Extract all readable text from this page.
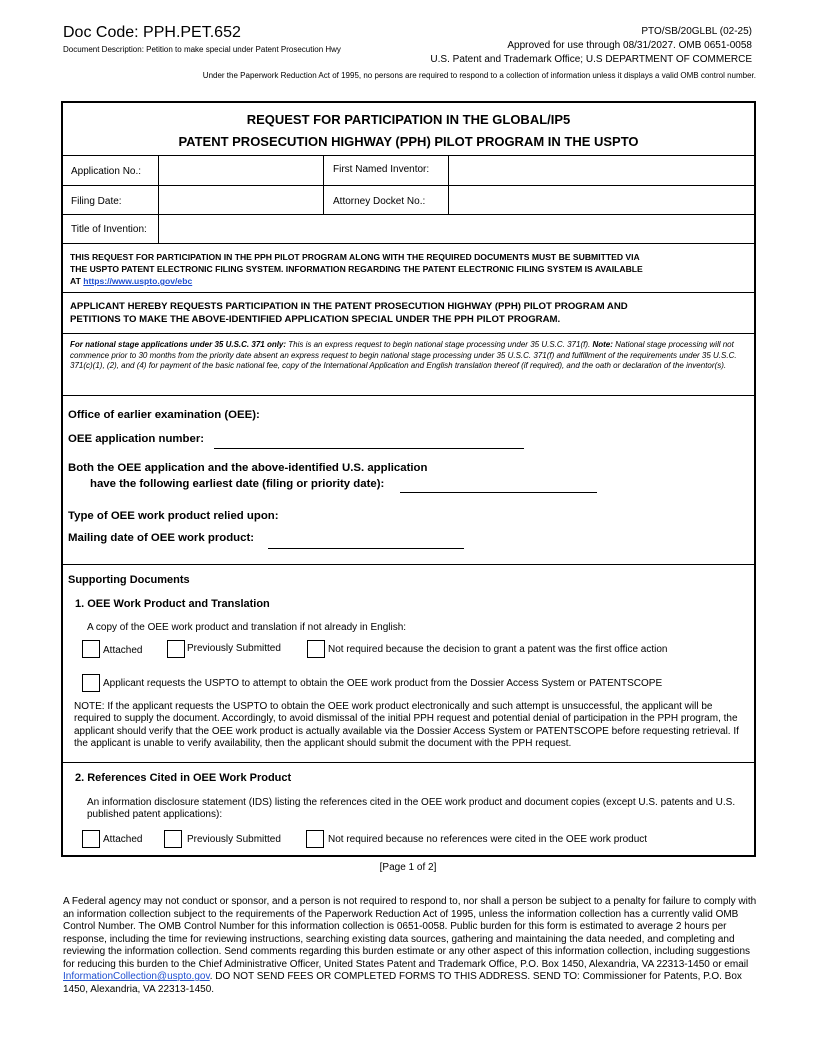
Doc Code: PPH.PET.652
Document Description: Petition to make special under Patent Prosecution Hwy
PTO/SB/20GLBL (02-25)
Approved for use through 08/31/2027. OMB 0651-0058
U.S. Patent and Trademark Office; U.S DEPARTMENT OF COMMERCE
Under the Paperwork Reduction Act of 1995, no persons are required to respond to a collection of information unless it displays a valid OMB control number.
REQUEST FOR PARTICIPATION IN THE GLOBAL/IP5
PATENT PROSECUTION HIGHWAY (PPH) PILOT PROGRAM IN THE USPTO
Application No.:	First Named Inventor:
Filing Date:	Attorney Docket No.:
Title of Invention:
THIS REQUEST FOR PARTICIPATION IN THE PPH PILOT PROGRAM ALONG WITH THE REQUIRED DOCUMENTS MUST BE SUBMITTED VIA
THE USPTO PATENT ELECTRONIC FILING SYSTEM. INFORMATION REGARDING THE PATENT ELECTRONIC FILING SYSTEM IS AVAILABLE
AT https://www.uspto.gov/ebc
APPLICANT HEREBY REQUESTS PARTICIPATION IN THE PATENT PROSECUTION HIGHWAY (PPH) PILOT PROGRAM AND
PETITIONS TO MAKE THE ABOVE-IDENTIFIED APPLICATION SPECIAL UNDER THE PPH PILOT PROGRAM.
For national stage applications under 35 U.S.C. 371 only: This is an express request to begin national stage processing under 35 U.S.C. 371(f). Note: National stage processing will not commence prior to 30 months from the priority date absent an express request to begin national stage processing under 35 U.S.C. 371(f) and fulfillment of the requirements under 35 U.S.C. 371(c)(1), (2), and (4) for payment of the basic national fee, copy of the International Application and English translation thereof (if required), and the oath or declaration of the inventor(s).
Office of earlier examination (OEE):
OEE application number:
Both the OEE application and the above-identified U.S. application
have the following earliest date (filing or priority date):
Type of OEE work product relied upon:
Mailing date of OEE work product:
Supporting Documents
1. OEE Work Product and Translation
A copy of the OEE work product and translation if not already in English:
Attached	Previously Submitted	Not required because the decision to grant a patent was the first office action
Applicant requests the USPTO to attempt to obtain the OEE work product from the Dossier Access System or PATENTSCOPE
NOTE: If the applicant requests the USPTO to obtain the OEE work product electronically and such attempt is unsuccessful, the applicant will be required to supply the document. Accordingly, to avoid dismissal of the initial PPH request and potential denial of participation in the PPH program, the applicant should verify that the OEE work product is actually available via the Dossier Access System or PATENTSCOPE before requesting retrieval. If the applicant is unable to verify availability, then the applicant should submit the document with the PPH request.
2. References Cited in OEE Work Product
An information disclosure statement (IDS) listing the references cited in the OEE work product and document copies (except U.S. patents and U.S. published patent applications):
Attached	Previously Submitted	Not required because no references were cited in the OEE work product
[Page 1 of 2]
A Federal agency may not conduct or sponsor, and a person is not required to respond to, nor shall a person be subject to a penalty for failure to comply with an information collection subject to the requirements of the Paperwork Reduction Act of 1995, unless the information collection has a currently valid OMB Control Number. The OMB Control Number for this information collection is 0651-0058. Public burden for this form is estimated to average 2 hours per response, including the time for reviewing instructions, searching existing data sources, gathering and maintaining the data needed, and completing and reviewing the information collection. Send comments regarding this burden estimate or any other aspect of this information collection, including suggestions for reducing this burden to the Chief Administrative Officer, United States Patent and Trademark Office, P.O. Box 1450, Alexandria, VA 22313-1450 or email InformationCollection@uspto.gov. DO NOT SEND FEES OR COMPLETED FORMS TO THIS ADDRESS. SEND TO: Commissioner for Patents, P.O. Box 1450, Alexandria, VA 22313-1450.
